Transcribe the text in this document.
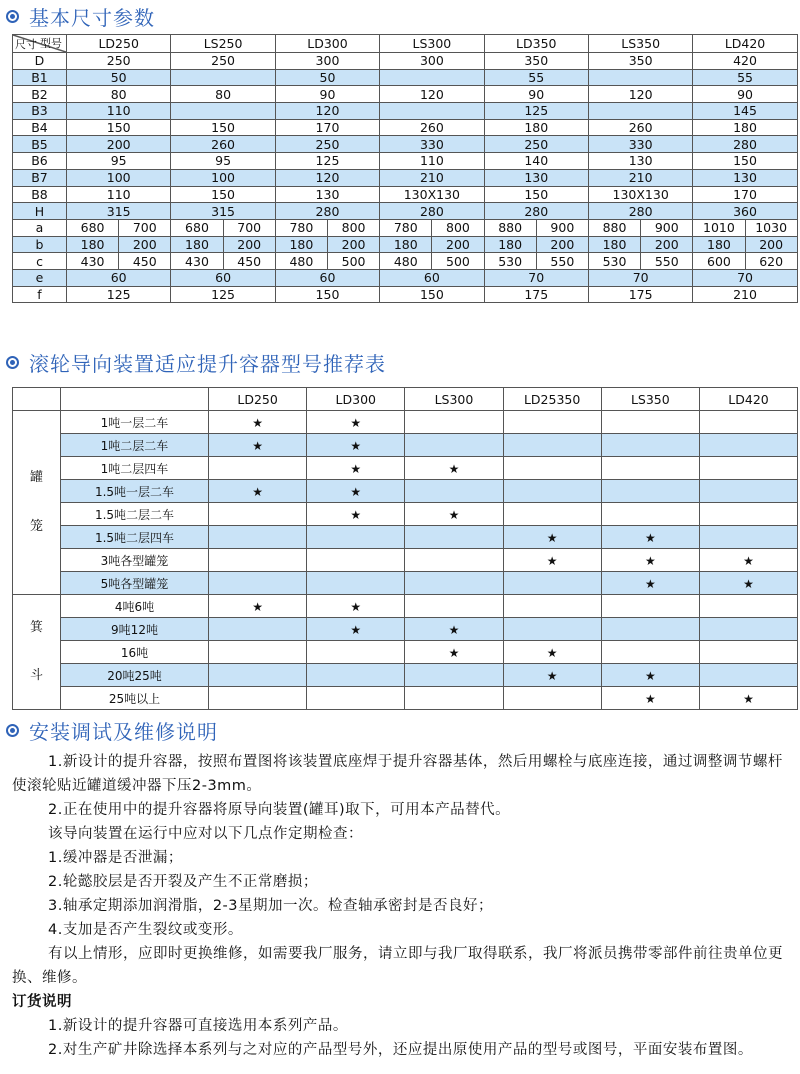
基本尺寸参数
型号
尺寸	LD250		LS250		LD300		LS300		LD350		LS350		LD420	
D	250		250		300		300		350		350		420	
B1	50				50				55				55	
B2	80		80		90		120		90		120		90	
B3	110				120				125				145	
B4	150		150		170		260		180		260		180	
B5	200		260		250		330		250		330		280	
B6	95		95		125		110		140		130		150	
B7	100		100		120		210		130		210		130	
B8	110		150		130		130X130		150		130X130		170	
H	315		315		280		280		280		280		360	
a	680	700	680	700	780	800	780	800	880	900	880	900	1010	1030
b	180	200	180	200	180	200	180	200	180	200	180	200	180	200
c	430	450	430	450	480	500	480	500	530	550	530	550	600	620
e	60		60		60		60		70		70		70	
f	125		125		150		150		175		175		210	
滚轮导向装置适应提升容器型号推荐表
		LD250	LD300	LS300	LD25350	LS350	LD420

罐
笼	1吨一层二车	★	★				
	1吨二层二车	★	★				
	1吨二层四车		★	★			
	1.5吨一层二车	★	★				
	1.5吨二层二车		★	★			
	1.5吨二层四车				★	★	
	3吨各型罐笼				★	★	★
	5吨各型罐笼					★	★

箕
斗	4吨6吨	★	★				
	9吨12吨		★	★			
	16吨			★	★		
	20吨25吨				★	★	
	25吨以上					★	★
安装调试及维修说明

1.新设计的提升容器，按照布置图将该装置底座焊于提升容器基体，然后用螺栓与底座连接，通过调整调节螺杆使滚轮贴近罐道缓冲器下压2-3mm。

2.正在使用中的提升容器将原导向装置(罐耳)取下，可用本产品替代。

该导向装置在运行中应对以下几点作定期检查：

1.缓冲器是否泄漏；

2.轮懿胶层是否开裂及产生不正常磨损；

3.轴承定期添加润滑脂，2-3星期加一次。检查轴承密封是否良好；

4.支加是否产生裂纹或变形。

有以上情形，应即时更换维修，如需要我厂服务，请立即与我厂取得联系，我厂将派员携带零部件前往贵单位更换、维修。

订货说明

1.新设计的提升容器可直接选用本系列产品。

2.对生产矿井除选择本系列与之对应的产品型号外，还应提出原使用产品的型号或图号，平面安装布置图。
